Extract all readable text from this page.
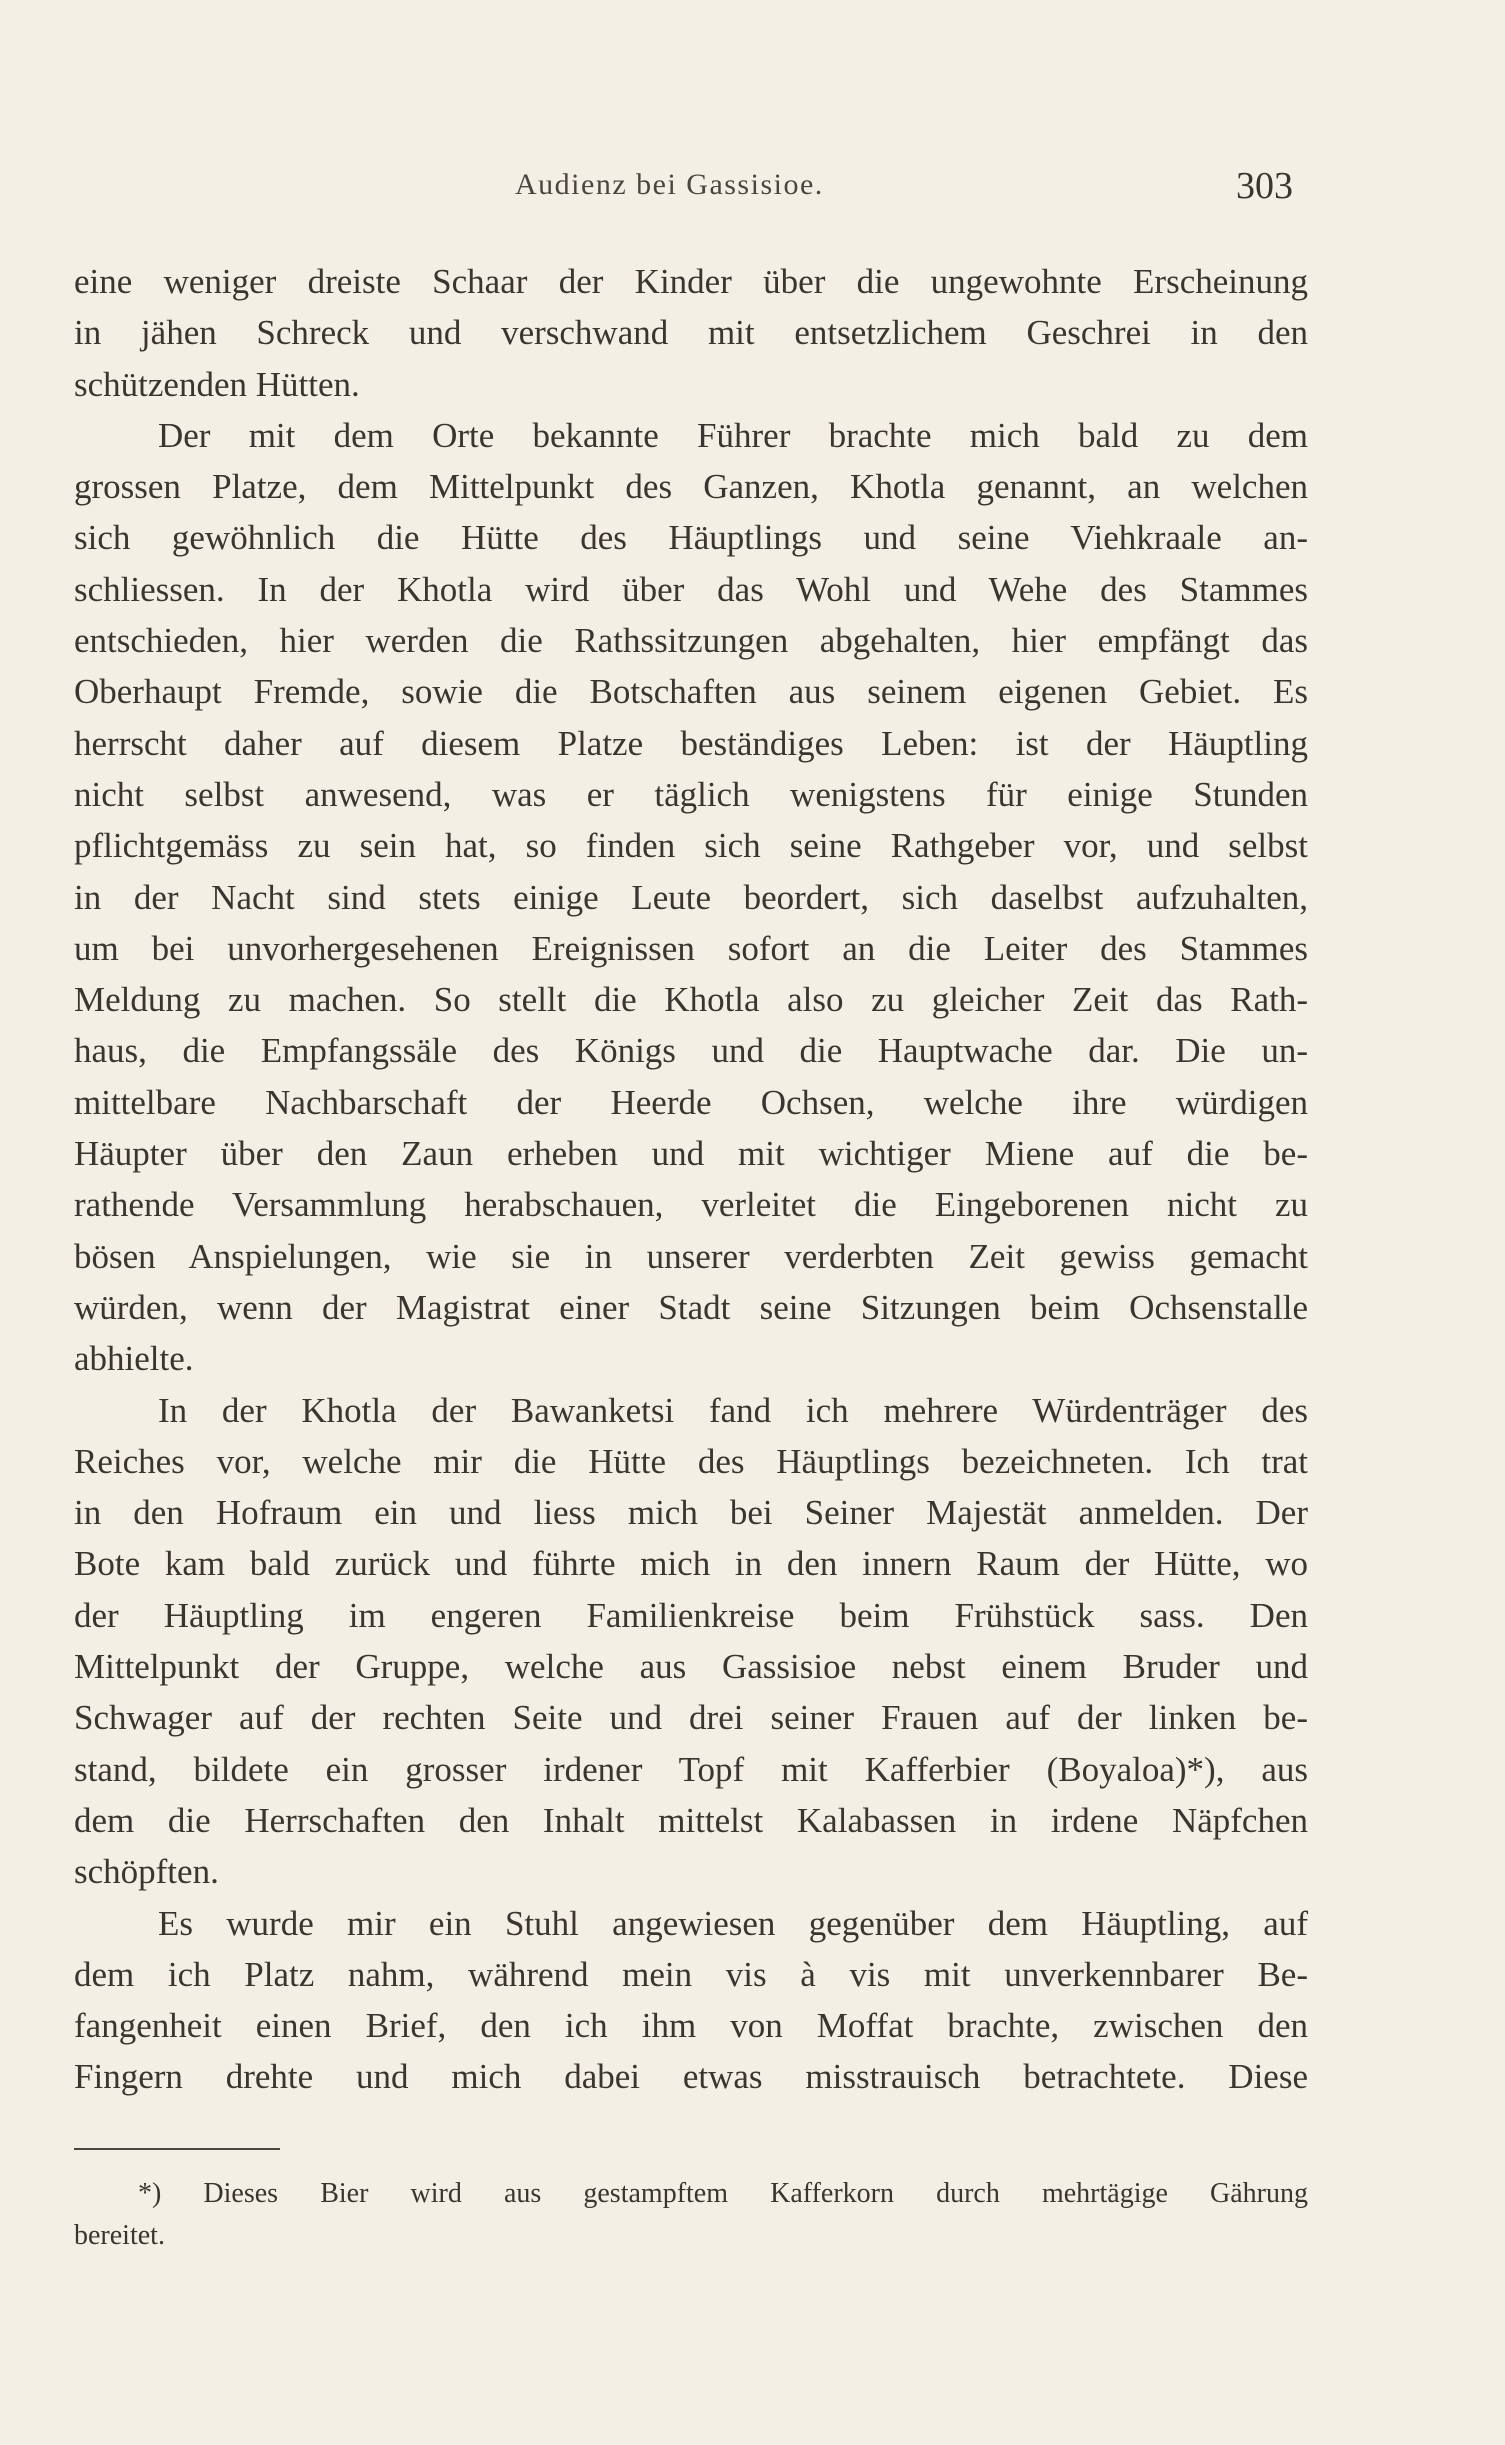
Audienz bei Gassisioe.	303
eine weniger dreiste Schaar der Kinder über die ungewohnte Erscheinung
in jähen Schreck und verschwand mit entsetzlichem Geschrei in den
schützenden Hütten.
Der mit dem Orte bekannte Führer brachte mich bald zu dem
grossen Platze, dem Mittelpunkt des Ganzen, Khotla genannt, an welchen
sich gewöhnlich die Hütte des Häuptlings und seine Viehkraale an-
schliessen. In der Khotla wird über das Wohl und Wehe des Stammes
entschieden, hier werden die Rathssitzungen abgehalten, hier empfängt das
Oberhaupt Fremde, sowie die Botschaften aus seinem eigenen Gebiet. Es
herrscht daher auf diesem Platze beständiges Leben: ist der Häuptling
nicht selbst anwesend, was er täglich wenigstens für einige Stunden
pflichtgemäss zu sein hat, so finden sich seine Rathgeber vor, und selbst
in der Nacht sind stets einige Leute beordert, sich daselbst aufzuhalten,
um bei unvorhergesehenen Ereignissen sofort an die Leiter des Stammes
Meldung zu machen. So stellt die Khotla also zu gleicher Zeit das Rath-
haus, die Empfangssäle des Königs und die Hauptwache dar. Die un-
mittelbare Nachbarschaft der Heerde Ochsen, welche ihre würdigen
Häupter über den Zaun erheben und mit wichtiger Miene auf die be-
rathende Versammlung herabschauen, verleitet die Eingeborenen nicht zu
bösen Anspielungen, wie sie in unserer verderbten Zeit gewiss gemacht
würden, wenn der Magistrat einer Stadt seine Sitzungen beim Ochsenstalle
abhielte.
In der Khotla der Bawanketsi fand ich mehrere Würdenträger des
Reiches vor, welche mir die Hütte des Häuptlings bezeichneten. Ich trat
in den Hofraum ein und liess mich bei Seiner Majestät anmelden. Der
Bote kam bald zurück und führte mich in den innern Raum der Hütte, wo
der Häuptling im engeren Familienkreise beim Frühstück sass. Den
Mittelpunkt der Gruppe, welche aus Gassisioe nebst einem Bruder und
Schwager auf der rechten Seite und drei seiner Frauen auf der linken be-
stand, bildete ein grosser irdener Topf mit Kafferbier (Boyaloa)*), aus
dem die Herrschaften den Inhalt mittelst Kalabassen in irdene Näpfchen
schöpften.
Es wurde mir ein Stuhl angewiesen gegenüber dem Häuptling, auf
dem ich Platz nahm, während mein vis à vis mit unverkennbarer Be-
fangenheit einen Brief, den ich ihm von Moffat brachte, zwischen den
Fingern drehte und mich dabei etwas misstrauisch betrachtete. Diese
*) Dieses Bier wird aus gestampftem Kafferkorn durch mehrtägige Gährung
bereitet.
